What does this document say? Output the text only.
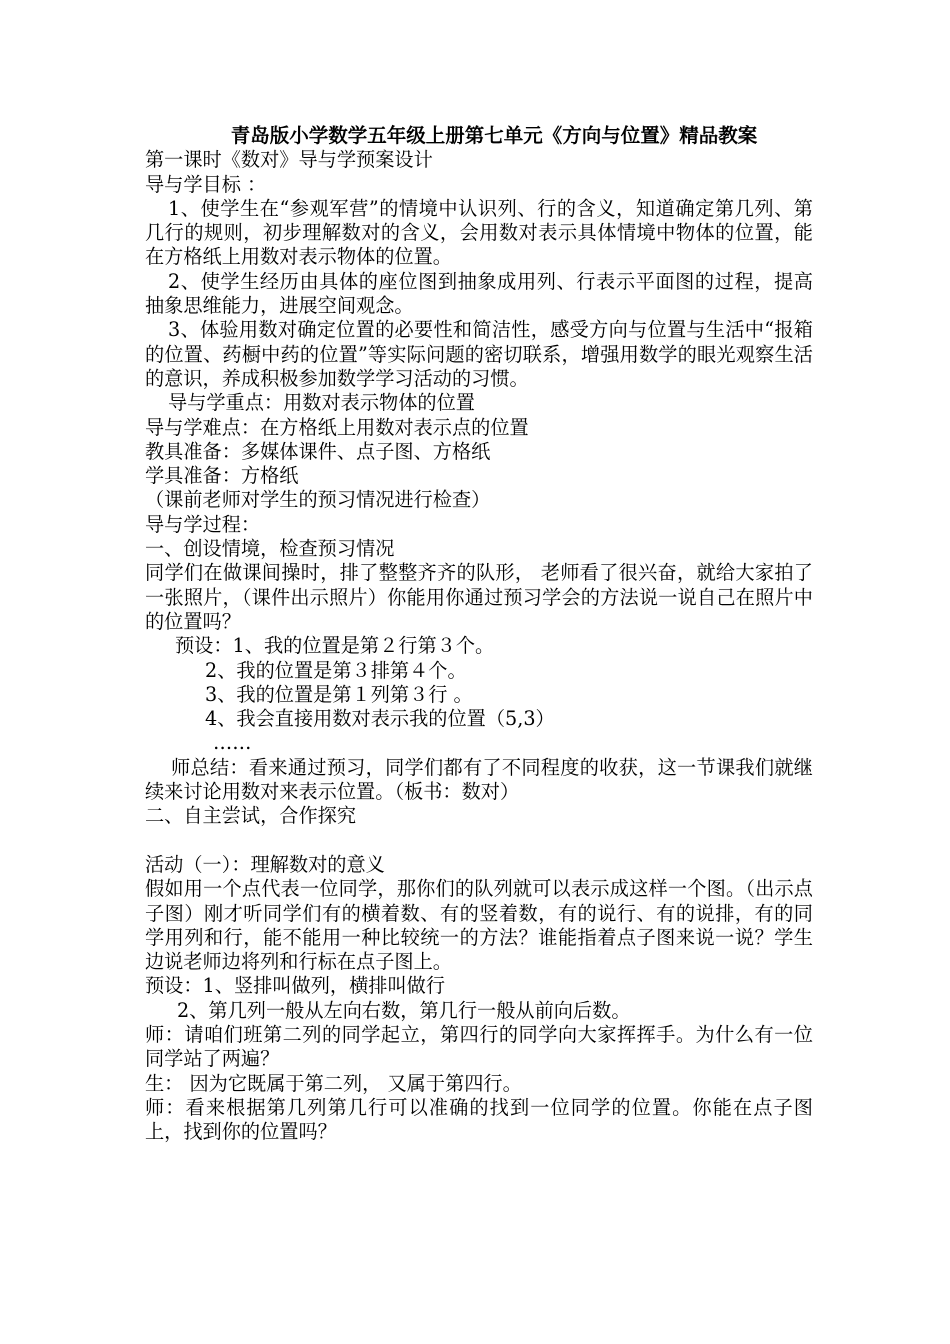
青岛版小学数学五年级上册第七单元《方向与位置》精品教案

第一课时《数对》导与学预案设计

导与学目标 ：

1、使学生在“参观军营”的情境中认识列、行的含义，知道确定第几列、第几行的规则，初步理解数对的含义，会用数对表示具体情境中物体的位置，能在方格纸上用数对表示物体的位置。

2、使学生经历由具体的座位图到抽象成用列、行表示平面图的过程，提高抽象思维能力，进展空间观念。

3、体验用数对确定位置的必要性和简洁性，感受方向与位置与生活中“报箱的位置、药橱中药的位置”等实际问题的密切联系，增强用数学的眼光观察生活的意识，养成积极参加数学学习活动的习惯。

导与学重点：用数对表示物体的位置

导与学难点：在方格纸上用数对表示点的位置

教具准备：多媒体课件、点子图、方格纸

学具准备：方格纸

（课前老师对学生的预习情况进行检查）

导与学过程：

一、创设情境，检查预习情况

同学们在做课间操时，排了整整齐齐的队形， 老师看了很兴奋，就给大家拍了一张照片，（课件出示照片）你能用你通过预习学会的方法说一说自己在照片中的位置吗？

预设：1、我的位置是第２行第３个。

2、我的位置是第３排第４个。

3、我的位置是第１列第３行 。

4、我会直接用数对表示我的位置（5,3）

……

师总结：看来通过预习，同学们都有了不同程度的收获，这一节课我们就继续来讨论用数对来表示位置。（板书：数对）

二、自主尝试，合作探究

活动（一）：理解数对的意义

假如用一个点代表一位同学，那你们的队列就可以表示成这样一个图。（出示点子图）刚才听同学们有的横着数、有的竖着数，有的说行、有的说排，有的同学用列和行，能不能用一种比较统一的方法？谁能指着点子图来说一说？学生边说老师边将列和行标在点子图上。

预设：1、竖排叫做列，横排叫做行

2、第几列一般从左向右数，第几行一般从前向后数。

师：请咱们班第二列的同学起立，第四行的同学向大家挥挥手。为什么有一位同学站了两遍？

生： 因为它既属于第二列， 又属于第四行。

师：看来根据第几列第几行可以准确的找到一位同学的位置。你能在点子图上，找到你的位置吗？
